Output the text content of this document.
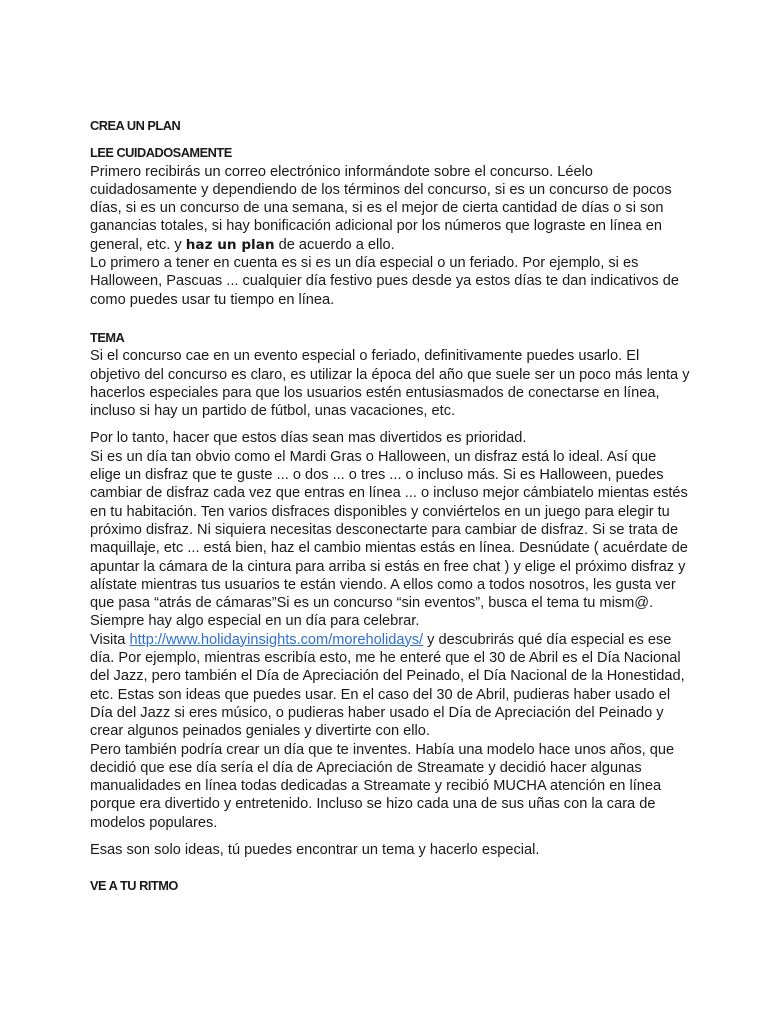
CREA UN PLAN
LEE CUIDADOSAMENTE

Primero recibirás un correo electrónico informándote sobre el concurso. Léelo cuidadosamente y dependiendo de los términos del concurso, si es un concurso de pocos días, si es un concurso de una semana, si es el mejor de cierta cantidad de días o si son ganancias totales, si hay bonificación adicional por los números que lograste en línea en general, etc. y haz un plan de acuerdo a ello.

Lo primero a tener en cuenta es si es un día especial o un feriado. Por ejemplo, si es Halloween, Pascuas ... cualquier día festivo pues desde ya estos días te dan indicativos de como puedes usar tu tiempo en línea.

TEMA

Si el concurso cae en un evento especial o feriado, definitivamente puedes usarlo. El objetivo del concurso es claro, es utilizar la época del año que suele ser un poco más lenta y hacerlos especiales para que los usuarios estén entusiasmados de conectarse en línea, incluso si hay un partido de fútbol, unas vacaciones, etc.

Por lo tanto, hacer que estos días sean mas divertidos es prioridad.

Si es un día tan obvio como el Mardi Gras o Halloween, un disfraz está lo ideal. Así que elige un disfraz que te guste ... o dos ... o tres ... o incluso más. Si es Halloween, puedes cambiar de disfraz cada vez que entras en línea ... o incluso mejor cámbiatelo mientas estés en tu habitación. Ten varios disfraces disponibles y conviértelos en un juego para elegir tu próximo disfraz. Ni siquiera necesitas desconectarte para cambiar de disfraz. Si se trata de maquillaje, etc ... está bien, haz el cambio mientas estás en línea. Desnúdate ( acuérdate de apuntar la cámara de la cintura para arriba si estás en free chat ) y elige el próximo disfraz y alístate mientras tus usuarios te están viendo. A ellos como a todos nosotros, les gusta ver que pasa “atrás de cámaras”Si es un concurso “sin eventos”, busca el tema tu mism@. Siempre hay algo especial en un día para celebrar.

Visita http://www.holidayinsights.com/moreholidays/ y descubrirás qué día especial es ese día. Por ejemplo, mientras escribía esto, me he enteré que el 30 de Abril es el Día Nacional del Jazz, pero también el Día de Apreciación del Peinado, el Día Nacional de la Honestidad, etc. Estas son ideas que puedes usar. En el caso del 30 de Abril, pudieras haber usado el Día del Jazz si eres músico, o pudieras haber usado el Día de Apreciación del Peinado y crear algunos peinados geniales y divertirte con ello.

Pero también podría crear un día que te inventes. Había una modelo hace unos años, que decidió que ese día sería el día de Apreciación de Streamate y decidió hacer algunas manualidades en línea todas dedicadas a Streamate y recibió MUCHA atención en línea porque era divertido y entretenido. Incluso se hizo cada una de sus uñas con la cara de modelos populares.

Esas son solo ideas, tú puedes encontrar un tema y hacerlo especial.

VE A TU RITMO
